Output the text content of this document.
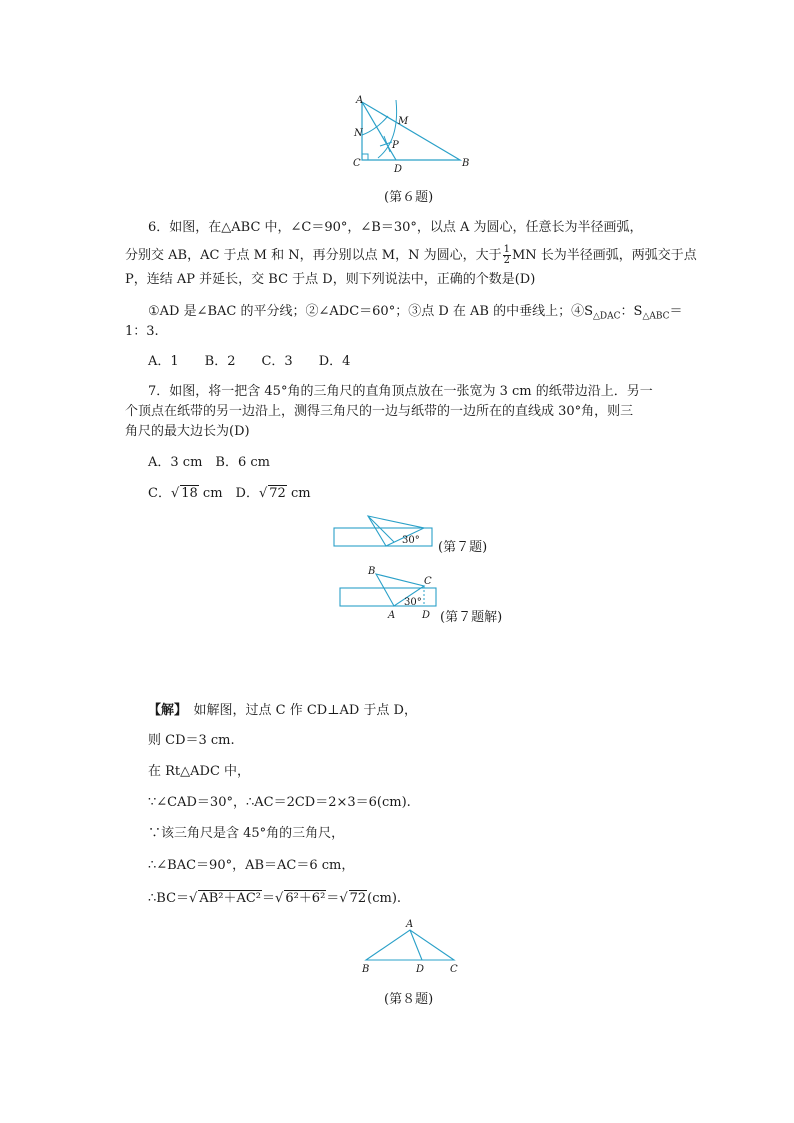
A
M
N
P
C
D
B
(第６题)
6．如图，在△ABC 中，∠C＝90°，∠B＝30°，以点 A 为圆心，任意长为半径画弧，
分别交 AB，AC 于点 M 和 N，再分别以点 M，N 为圆心，大于 $\frac{1}{2}$ MN 长为半径画弧，两弧交于点
P，连结 AP 并延长，交 BC 于点 D，则下列说法中，正确的个数是(D)
①AD 是∠BAC 的平分线；②∠ADC＝60°；③点 D 在 AB 的中垂线上；$④S_{\triangle DAC}$：$S_{\triangle ABC}=$
1：3.
A．1　　B．2　　C．3　　D．4
7．如图，将一把含 45°角的三角尺的直角顶点放在一张宽为 3 cm 的纸带边沿上．另一
个顶点在纸带的另一边沿上，测得三角尺的一边与纸带的一边所在的直线成 30°角，则三
角尺的最大边长为(D)
A．3 cm　B．6 cm
C．√ 18 cm　D．√ 72 cm
30° (第７题)
B
C
A	D
30°
(第７题解)
【解】　如解图，过点 C 作 CD⊥AD 于点 D，
则 CD＝3 cm.
在 Rt△ADC 中，
∵∠CAD＝30°，∴AC＝2CD＝2×3＝6(cm).
∵该三角尺是含 45°角的三角尺，
∴∠BAC＝90°，AB＝AC＝6 cm，
∴BC＝√ AB²＋AC²＝√ 6²＋6²＝√ 72(cm).
A
B	D	C
(第８题)
